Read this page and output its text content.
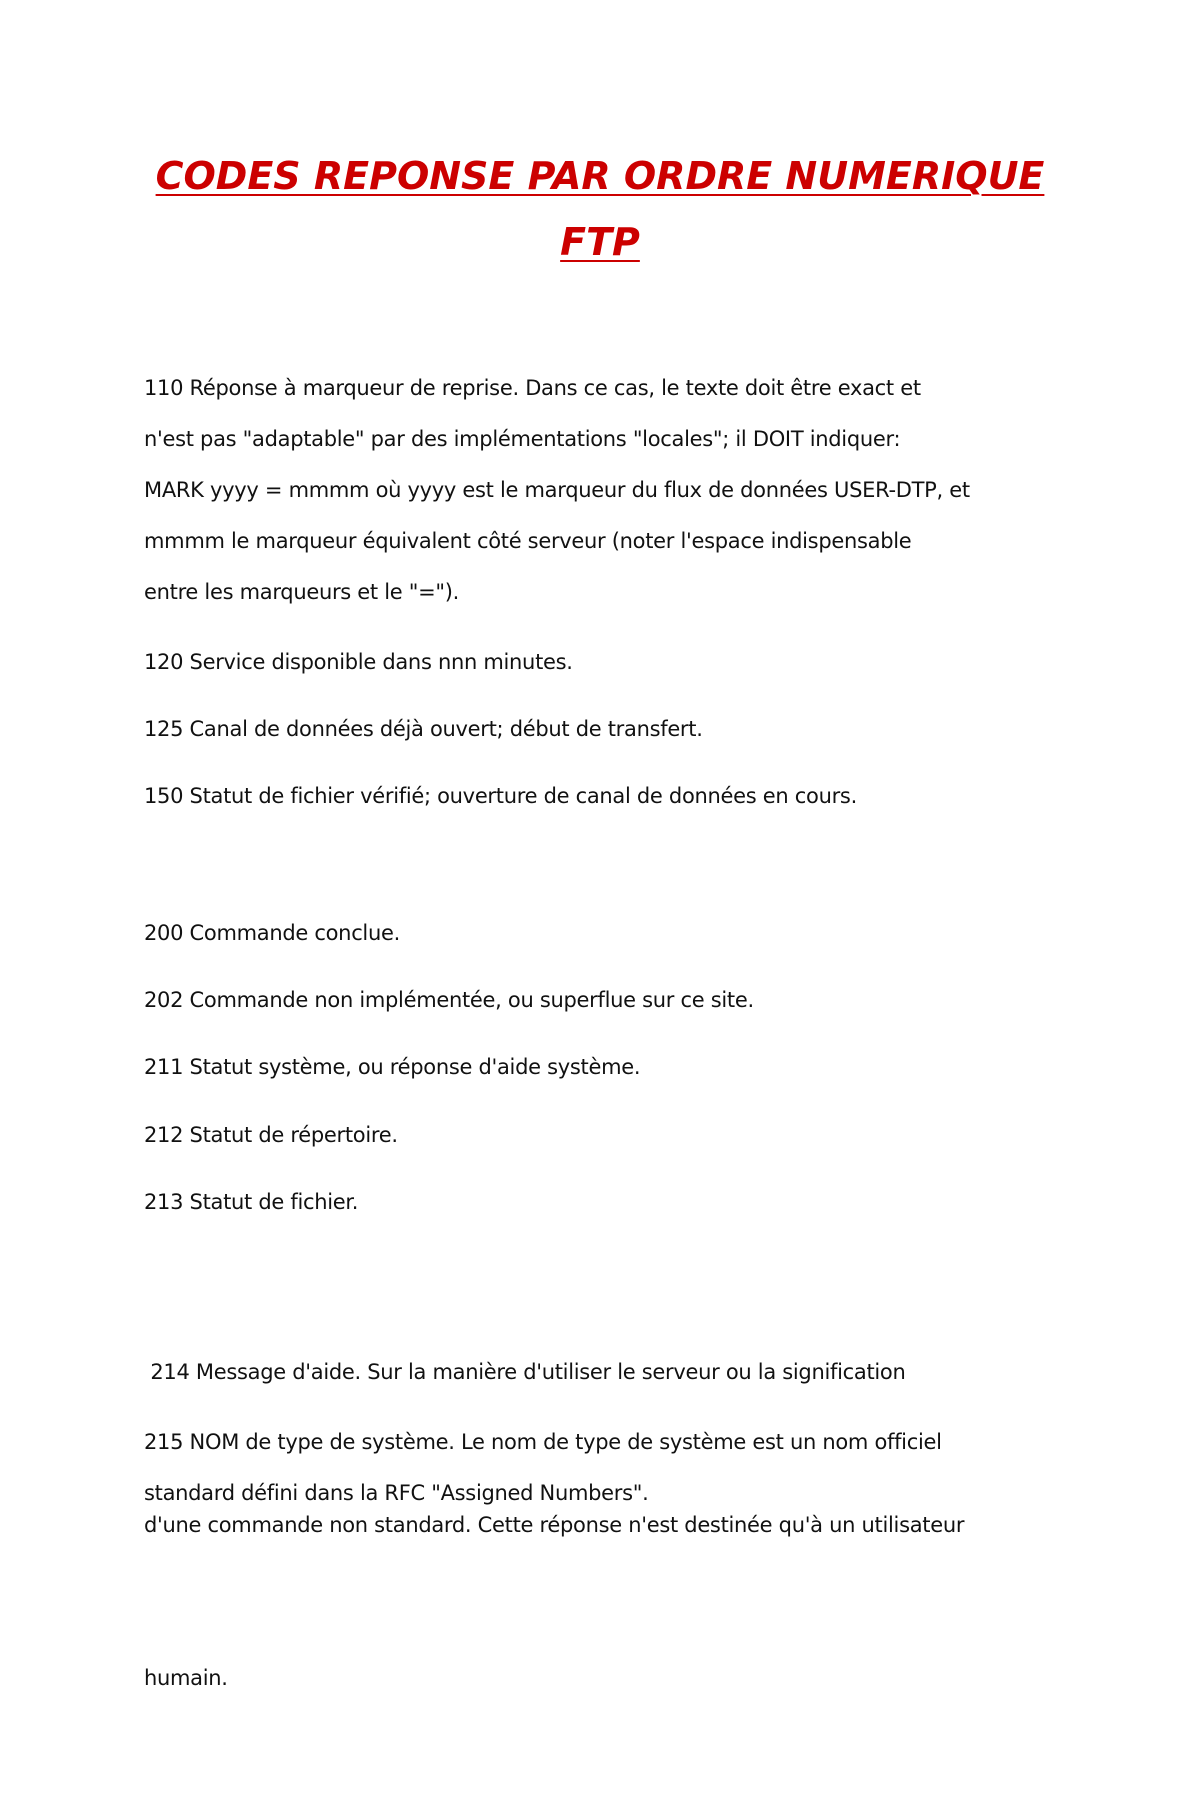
CODES REPONSE PAR ORDRE NUMERIQUE
FTP

110 Réponse à marqueur de reprise. Dans ce cas, le texte doit être exact et
n'est pas "adaptable" par des implémentations "locales"; il DOIT indiquer:
MARK yyyy = mmmm où yyyy est le marqueur du flux de données USER-DTP, et
mmmm le marqueur équivalent côté serveur (noter l'espace indispensable
entre les marqueurs et le "=").

120 Service disponible dans nnn minutes.

125 Canal de données déjà ouvert; début de transfert.

150 Statut de fichier vérifié; ouverture de canal de données en cours.

200 Commande conclue.

202 Commande non implémentée, ou superflue sur ce site.

211 Statut système, ou réponse d'aide système.

212 Statut de répertoire.

213 Statut de fichier.

214 Message d'aide. Sur la manière d'utiliser le serveur ou la signification

d'une commande non standard. Cette réponse n'est destinée qu'à un utilisateur

humain.

215 NOM de type de système. Le nom de type de système est un nom officiel
standard défini dans la RFC "Assigned Numbers".
